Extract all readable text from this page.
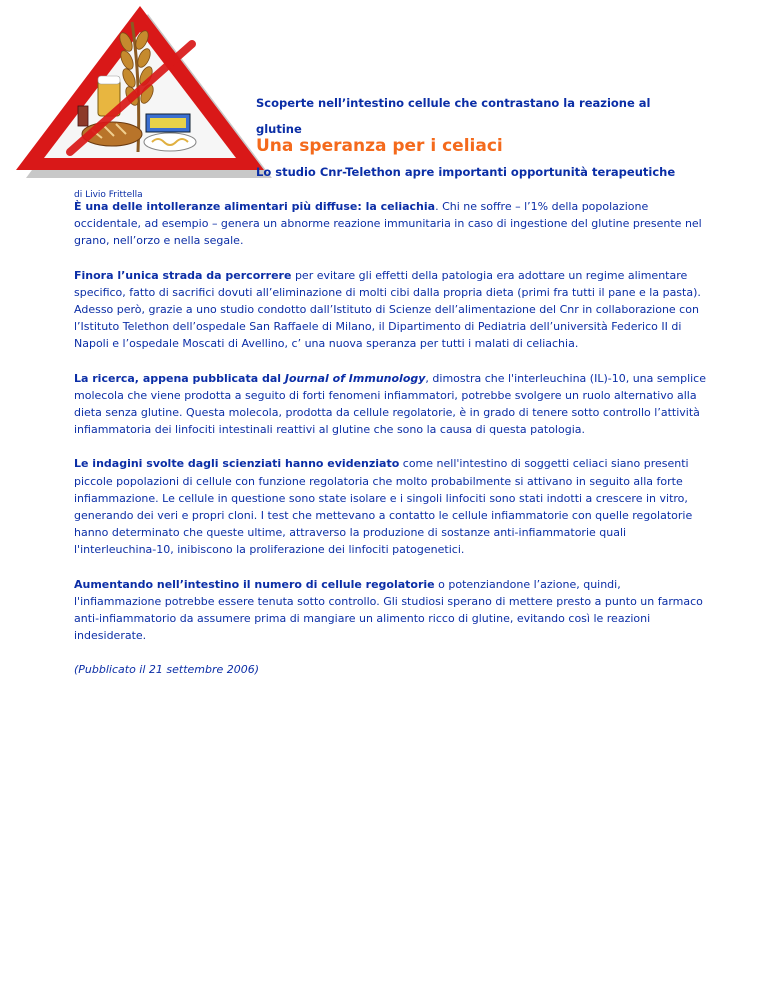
Scoperte nell’intestino cellule che contrastano la reazione al glutine
Una speranza per i celiaci
Lo studio Cnr-Telethon apre importanti opportunità terapeutiche
di Livio Frittella

È una delle intolleranze alimentari più diffuse: la celiachia. Chi ne soffre – l’1% della popolazione occidentale, ad esempio – genera un abnorme reazione immunitaria in caso di ingestione del glutine presente nel grano, nell’orzo e nella segale.

Finora l’unica strada da percorrere per evitare gli effetti della patologia era adottare un regime alimentare specifico, fatto di sacrifici dovuti all’eliminazione di molti cibi dalla propria dieta (primi fra tutti il pane e la pasta). Adesso però, grazie a uno studio condotto dall’Istituto di Scienze dell’alimentazione del Cnr in collaborazione con l’Istituto Telethon dell’ospedale San Raffaele di Milano, il Dipartimento di Pediatria dell’università Federico II di Napoli e l’ospedale Moscati di Avellino, c’ una nuova speranza per tutti i malati di celiachia.

La ricerca, appena pubblicata dal Journal of Immunology, dimostra che l'interleuchina (IL)-10, una semplice molecola che viene prodotta a seguito di forti fenomeni infiammatori, potrebbe svolgere un ruolo alternativo alla dieta senza glutine. Questa molecola, prodotta da cellule regolatorie, è in grado di tenere sotto controllo l’attività infiammatoria dei linfociti intestinali reattivi al glutine che sono la causa di questa patologia.

Le indagini svolte dagli scienziati hanno evidenziato come nell'intestino di soggetti celiaci siano presenti piccole popolazioni di cellule con funzione regolatoria che molto probabilmente si attivano in seguito alla forte infiammazione. Le cellule in questione sono state isolare e i singoli linfociti sono stati indotti a crescere in vitro, generando dei veri e propri cloni. I test che mettevano a contatto le cellule infiammatorie con quelle regolatorie hanno determinato che queste ultime, attraverso la produzione di sostanze anti-infiammatorie quali l'interleuchina-10, inibiscono la proliferazione dei linfociti patogenetici.

Aumentando nell’intestino il numero di cellule regolatorie o potenziandone l’azione, quindi, l'infiammazione potrebbe essere tenuta sotto controllo. Gli studiosi sperano di mettere presto a punto un farmaco anti-infiammatorio da assumere prima di mangiare un alimento ricco di glutine, evitando così le reazioni indesiderate.

(Pubblicato il 21 settembre 2006)
